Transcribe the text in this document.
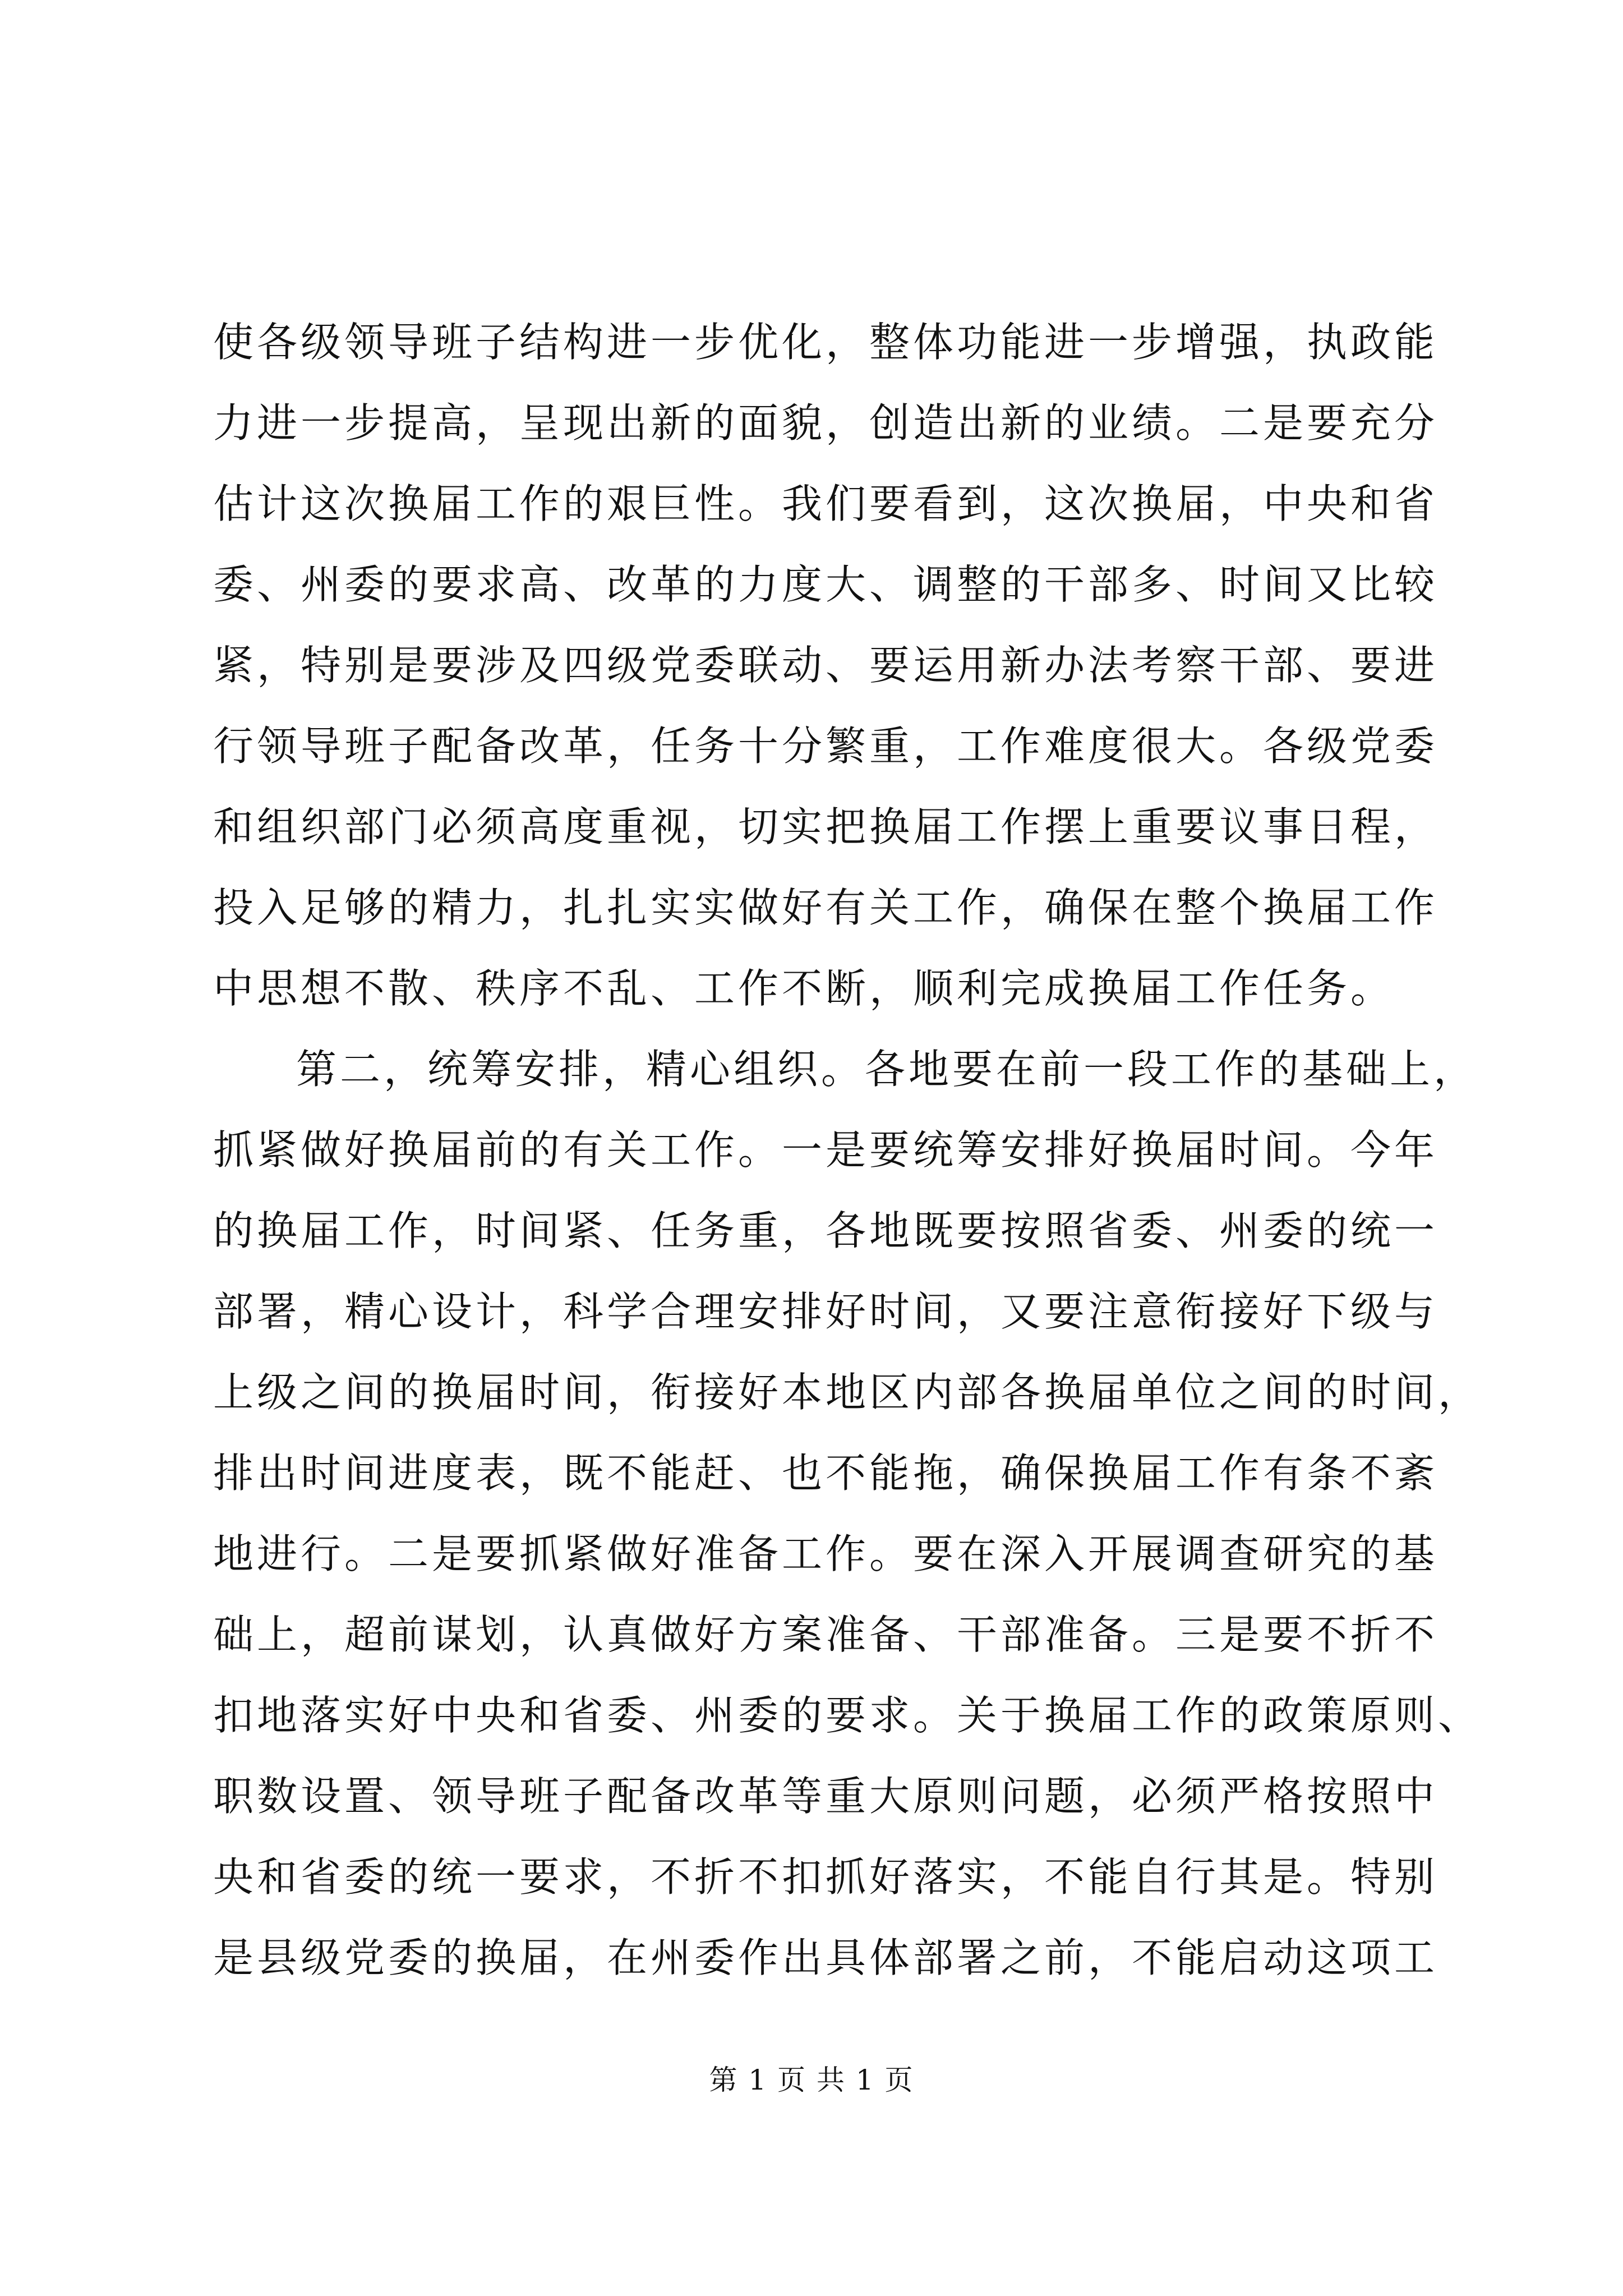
使各级领导班子结构进一步优化，整体功能进一步增强，执政能
力进一步提高，呈现出新的面貌，创造出新的业绩。二是要充分
估计这次换届工作的艰巨性。我们要看到，这次换届，中央和省
委、州委的要求高、改革的力度大、调整的干部多、时间又比较
紧，特别是要涉及四级党委联动、要运用新办法考察干部、要进
行领导班子配备改革，任务十分繁重，工作难度很大。各级党委
和组织部门必须高度重视，切实把换届工作摆上重要议事日程，
投入足够的精力，扎扎实实做好有关工作，确保在整个换届工作
中思想不散、秩序不乱、工作不断，顺利完成换届工作任务。
第二，统筹安排，精心组织。各地要在前一段工作的基础上，
抓紧做好换届前的有关工作。一是要统筹安排好换届时间。今年
的换届工作，时间紧、任务重，各地既要按照省委、州委的统一
部署，精心设计，科学合理安排好时间，又要注意衔接好下级与
上级之间的换届时间，衔接好本地区内部各换届单位之间的时间，
排出时间进度表，既不能赶、也不能拖，确保换届工作有条不紊
地进行。二是要抓紧做好准备工作。要在深入开展调查研究的基
础上，超前谋划，认真做好方案准备、干部准备。三是要不折不
扣地落实好中央和省委、州委的要求。关于换届工作的政策原则、
职数设置、领导班子配备改革等重大原则问题，必须严格按照中
央和省委的统一要求，不折不扣抓好落实，不能自行其是。特别
是县级党委的换届，在州委作出具体部署之前，不能启动这项工
第 1 页 共 1 页
